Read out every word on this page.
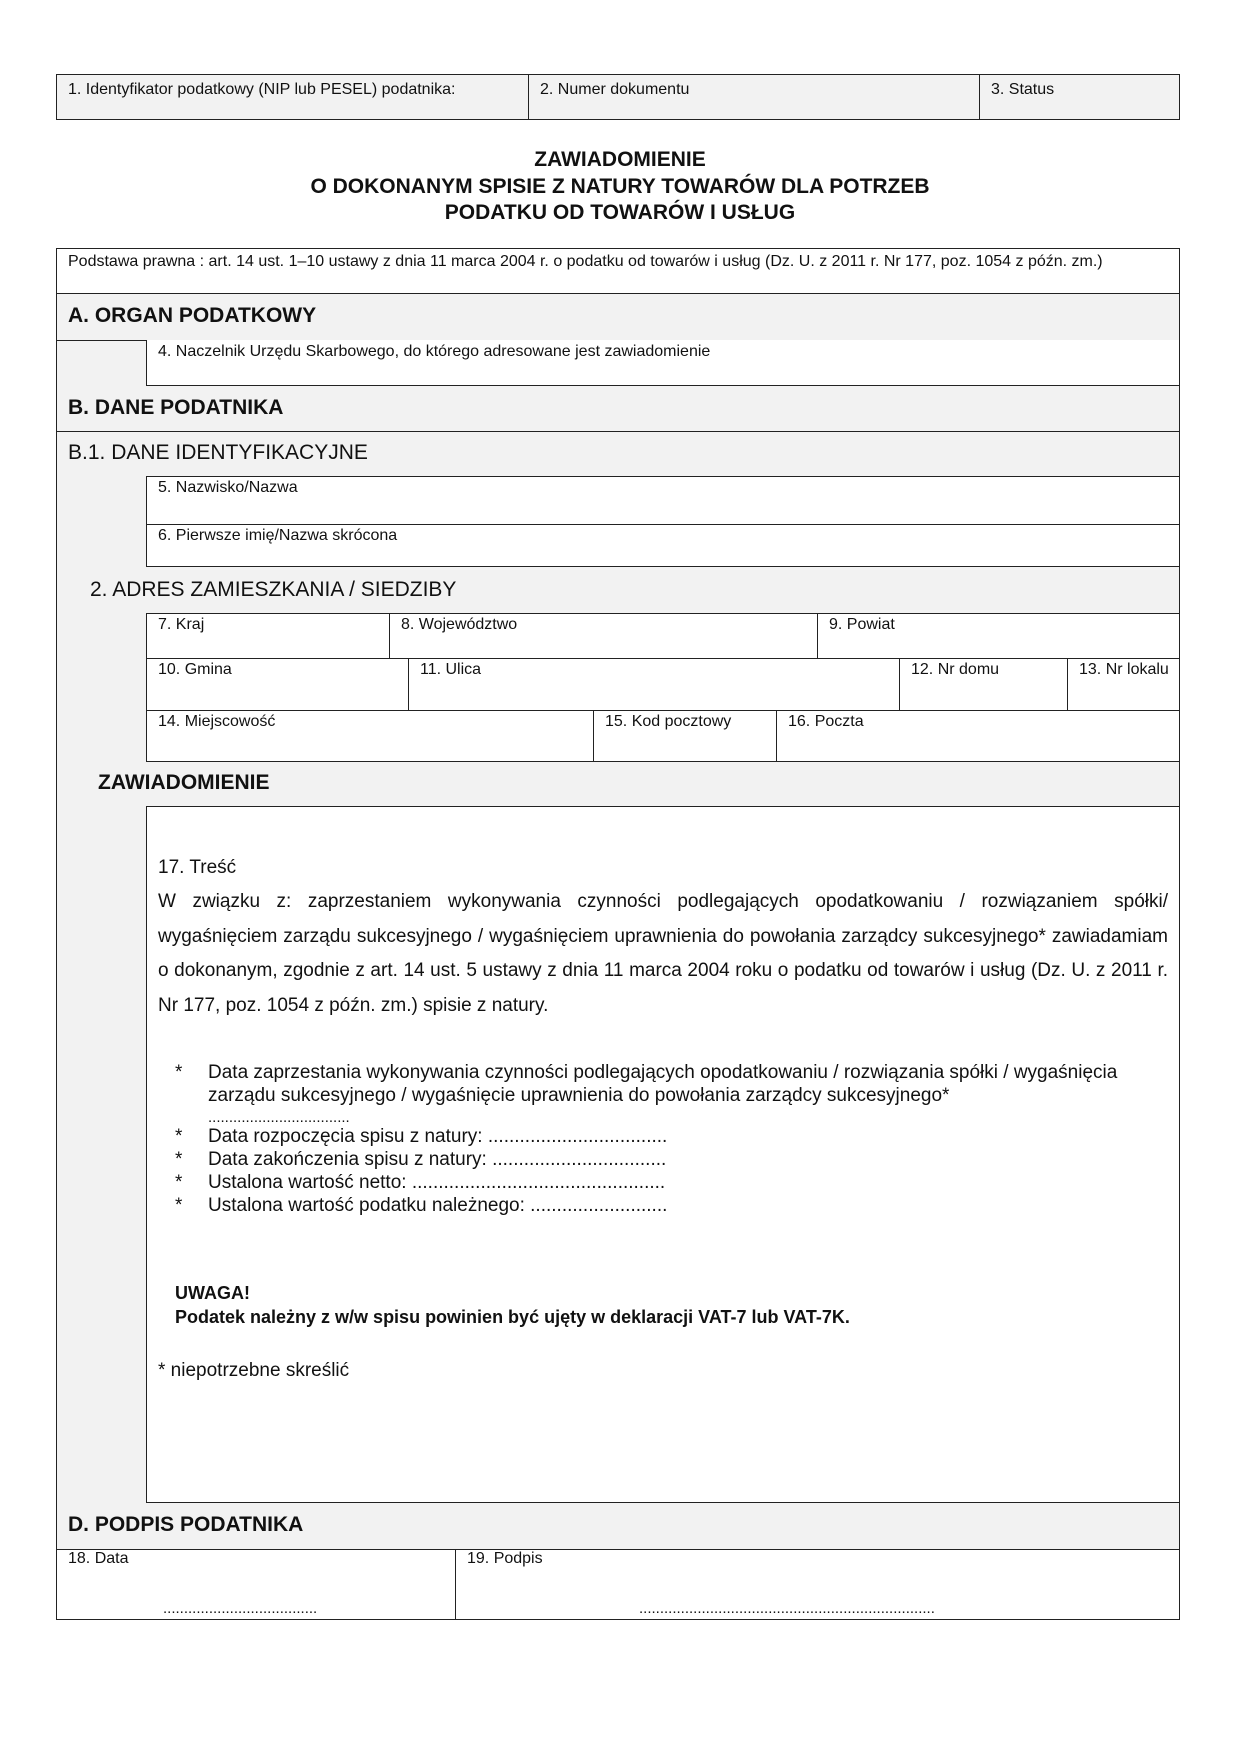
1. Identyfikator podatkowy (NIP lub PESEL) podatnika:	2. Numer dokumentu	3. Status
ZAWIADOMIENIE
O DOKONANYM SPISIE Z NATURY TOWARÓW DLA POTRZEB
PODATKU OD TOWARÓW I USŁUG
Podstawa prawna : art. 14 ust. 1–10 ustawy z dnia 11 marca 2004 r. o podatku od towarów i usług (Dz. U. z 2011 r. Nr 177, poz. 1054 z późn. zm.)
A. ORGAN PODATKOWY
4. Naczelnik Urzędu Skarbowego, do którego adresowane jest zawiadomienie
B. DANE PODATNIKA
B.1. DANE IDENTYFIKACYJNE
5. Nazwisko/Nazwa
6. Pierwsze imię/Nazwa skrócona
2. ADRES ZAMIESZKANIA / SIEDZIBY
7. Kraj	8. Województwo	9. Powiat
10. Gmina	11. Ulica	12. Nr domu	13. Nr lokalu
14. Miejscowość	15. Kod pocztowy	16. Poczta
ZAWIADOMIENIE
17. Treść
W związku z: zaprzestaniem wykonywania czynności podlegających opodatkowaniu / rozwiązaniem spółki/ wygaśnięciem zarządu sukcesyjnego / wygaśnięciem uprawnienia do powołania zarządcy sukcesyjnego* zawiadamiam o dokonanym, zgodnie z art. 14 ust. 5 ustawy z dnia 11 marca 2004 roku o podatku od towarów i usług (Dz. U. z 2011 r. Nr 177, poz. 1054 z późn. zm.) spisie z natury.
* Data zaprzestania wykonywania czynności podlegających opodatkowaniu / rozwiązania spółki / wygaśnięcia zarządu sukcesyjnego / wygaśnięcie uprawnienia do powołania zarządcy sukcesyjnego*
..................................
* Data rozpoczęcia spisu z natury: ..................................
* Data zakończenia spisu z natury: .................................
* Ustalona wartość netto: ................................................
* Ustalona wartość podatku należnego: ..........................
UWAGA!
Podatek należny z w/w spisu powinien być ujęty w deklaracji VAT-7 lub VAT-7K.
* niepotrzebne skreślić
D. PODPIS PODATNIKA
18. Data
.....................................
19. Podpis
.......................................................................
